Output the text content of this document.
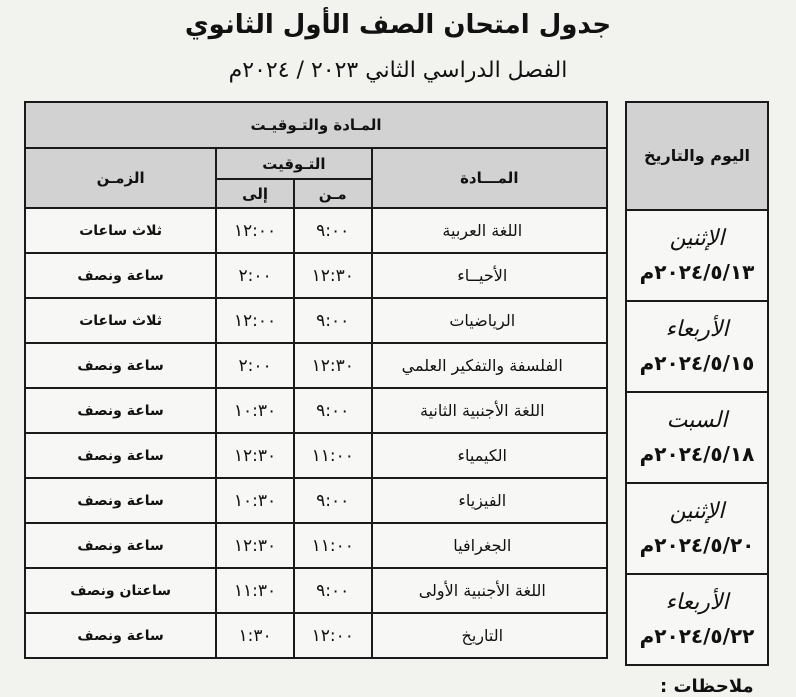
جدول امتحان الصف الأول الثانوي
الفصل الدراسي الثاني ٢٠٢٣ / ٢٠٢٤م
المـادة والتـوقيـت			
المـــادة	التـوقيت		الزمـن
	مـن	إلى	
اللغة العربية	٩:٠٠	١٢:٠٠	ثلاث ساعات
الأحيــاء	١٢:٣٠	٢:٠٠	ساعة ونصف
الرياضيات	٩:٠٠	١٢:٠٠	ثلاث ساعات
الفلسفة والتفكير العلمي	١٢:٣٠	٢:٠٠	ساعة ونصف
اللغة الأجنبية الثانية	٩:٠٠	١٠:٣٠	ساعة ونصف
الكيمياء	١١:٠٠	١٢:٣٠	ساعة ونصف
الفيزياء	٩:٠٠	١٠:٣٠	ساعة ونصف
الجغرافيا	١١:٠٠	١٢:٣٠	ساعة ونصف
اللغة الأجنبية الأولى	٩:٠٠	١١:٣٠	ساعتان ونصف
التاريخ	١٢:٠٠	١:٣٠	ساعة ونصف
اليوم والتاريخ

الإثنين
٢٠٢٤/٥/١٣م

الأربعاء
٢٠٢٤/٥/١٥م

السبت
٢٠٢٤/٥/١٨م

الإثنين
٢٠٢٤/٥/٢٠م

الأربعاء
٢٠٢٤/٥/٢٢م
ملاحظات :
